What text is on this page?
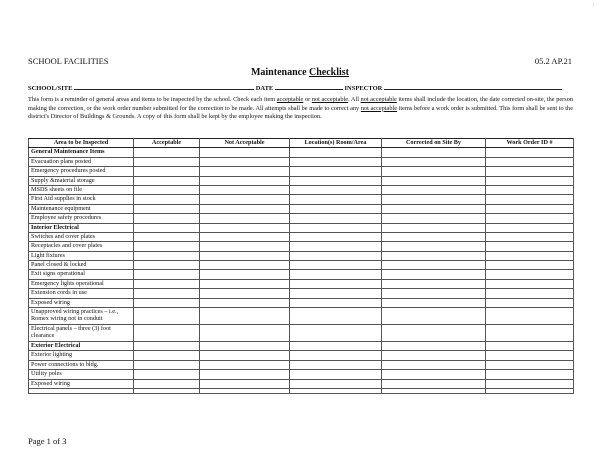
i
SCHOOL FACILITIES	05.2 AP.21
Maintenance Checklist
SCHOOL/SITE	DATE	INSPECTOR
This form is a reminder of general areas and items to be inspected by the school. Check each item acceptable or not acceptable. All not acceptable items shall include the location, the date corrected on-site, the person making the correction, or the work order number submitted for the correction to be made. All attempts shall be made to correct any not acceptable items before a work order is submitted. This form shall be sent to the district's Director of Buildings & Grounds. A copy of this form shall be kept by the employee making the inspection.
Area to be Inspected	Acceptable	Not Acceptable	Location(s) Room/Area	Corrected on Site By	Work Order ID #
General Maintenance Items					
Evacuation plans posted					
Emergency procedures posted					
Supply &material storage					
MSDS sheets on file					
First Aid supplies in stock					
Maintenance equipment					
Employee safety procedures					
Interior Electrical					
Switches and cover plates					
Receptacles and cover plates					
Light fixtures					
Panel closed & locked					
Exit signs operational					
Emergency lights operational					
Extension cords in use					
Exposed wiring					
Unapproved wiring practices – i.e., Romex wiring not in conduit					
Electrical panels – three (3) foot clearance					
Exterior Electrical					
Exterior lighting					
Power connections to bldg.					
Utility poles					
Exposed wiring					

Page 1 of 3
